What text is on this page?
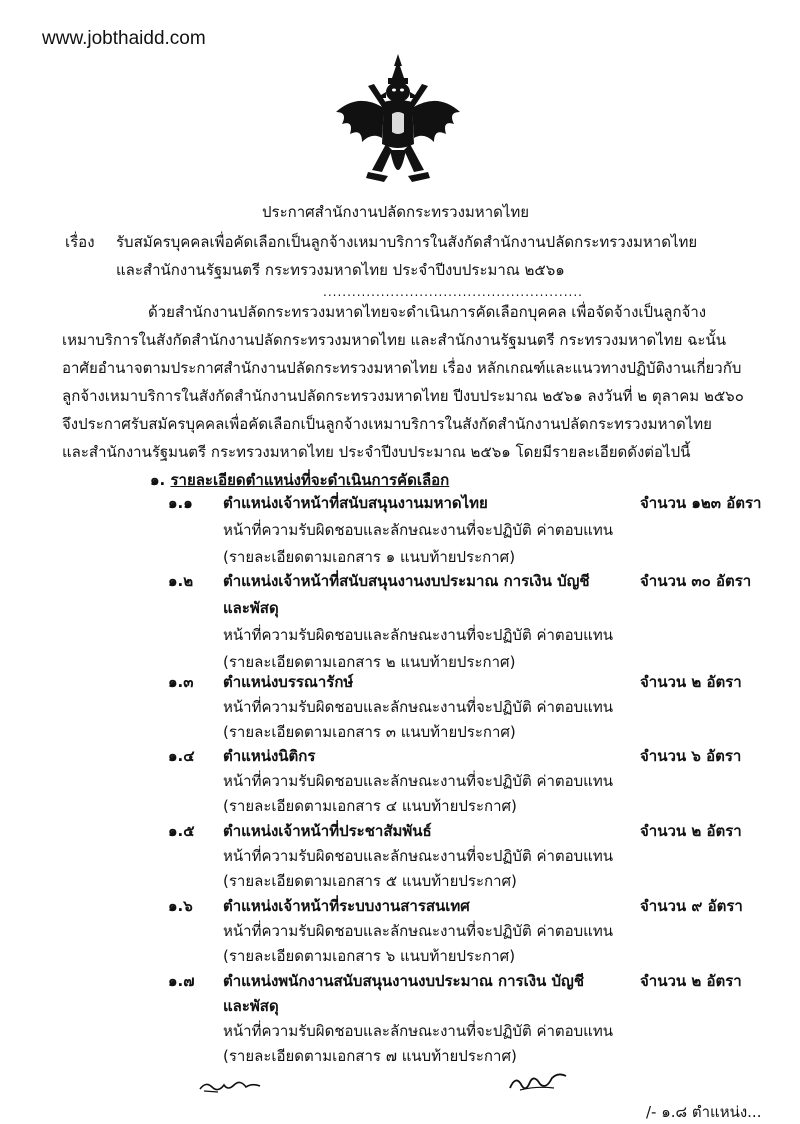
www.jobthaidd.com
ประกาศสำนักงานปลัดกระทรวงมหาดไทย
เรื่อง รับสมัครบุคคลเพื่อคัดเลือกเป็นลูกจ้างเหมาบริการในสังกัดสำนักงานปลัดกระทรวงมหาดไทย
และสำนักงานรัฐมนตรี กระทรวงมหาดไทย ประจำปีงบประมาณ ๒๕๖๑
......................................................

ด้วยสำนักงานปลัดกระทรวงมหาดไทยจะดำเนินการคัดเลือกบุคคล เพื่อจัดจ้างเป็นลูกจ้าง

เหมาบริการในสังกัดสำนักงานปลัดกระทรวงมหาดไทย และสำนักงานรัฐมนตรี กระทรวงมหาดไทย ฉะนั้น

อาศัยอำนาจตามประกาศสำนักงานปลัดกระทรวงมหาดไทย เรื่อง หลักเกณฑ์และแนวทางปฏิบัติงานเกี่ยวกับ

ลูกจ้างเหมาบริการในสังกัดสำนักงานปลัดกระทรวงมหาดไทย ปีงบประมาณ ๒๕๖๑ ลงวันที่ ๒ ตุลาคม ๒๕๖๐

จึงประกาศรับสมัครบุคคลเพื่อคัดเลือกเป็นลูกจ้างเหมาบริการในสังกัดสำนักงานปลัดกระทรวงมหาดไทย

และสำนักงานรัฐมนตรี กระทรวงมหาดไทย ประจำปีงบประมาณ ๒๕๖๑ โดยมีรายละเอียดดังต่อไปนี้

๑. รายละเอียดตำแหน่งที่จะดำเนินการคัดเลือก
๑.๑ ตำแหน่งเจ้าหน้าที่สนับสนุนงานมหาดไทย	จำนวน ๑๒๓ อัตรา
หน้าที่ความรับผิดชอบและลักษณะงานที่จะปฏิบัติ ค่าตอบแทน
(รายละเอียดตามเอกสาร ๑ แนบท้ายประกาศ)
๑.๒ ตำแหน่งเจ้าหน้าที่สนับสนุนงานงบประมาณ การเงิน บัญชี	จำนวน ๓๐ อัตรา
และพัสดุ
หน้าที่ความรับผิดชอบและลักษณะงานที่จะปฏิบัติ ค่าตอบแทน
(รายละเอียดตามเอกสาร ๒ แนบท้ายประกาศ)
๑.๓ ตำแหน่งบรรณารักษ์	จำนวน ๒ อัตรา
หน้าที่ความรับผิดชอบและลักษณะงานที่จะปฏิบัติ ค่าตอบแทน
(รายละเอียดตามเอกสาร ๓ แนบท้ายประกาศ)
๑.๔ ตำแหน่งนิติกร	จำนวน ๖ อัตรา
หน้าที่ความรับผิดชอบและลักษณะงานที่จะปฏิบัติ ค่าตอบแทน
(รายละเอียดตามเอกสาร ๔ แนบท้ายประกาศ)
๑.๕ ตำแหน่งเจ้าหน้าที่ประชาสัมพันธ์	จำนวน ๒ อัตรา
หน้าที่ความรับผิดชอบและลักษณะงานที่จะปฏิบัติ ค่าตอบแทน
(รายละเอียดตามเอกสาร ๕ แนบท้ายประกาศ)
๑.๖ ตำแหน่งเจ้าหน้าที่ระบบงานสารสนเทศ	จำนวน ๙ อัตรา
หน้าที่ความรับผิดชอบและลักษณะงานที่จะปฏิบัติ ค่าตอบแทน
(รายละเอียดตามเอกสาร ๖ แนบท้ายประกาศ)
๑.๗ ตำแหน่งพนักงานสนับสนุนงานงบประมาณ การเงิน บัญชี	จำนวน ๒ อัตรา
และพัสดุ
หน้าที่ความรับผิดชอบและลักษณะงานที่จะปฏิบัติ ค่าตอบแทน
(รายละเอียดตามเอกสาร ๗ แนบท้ายประกาศ)
/- ๑.๘ ตำแหน่ง...
